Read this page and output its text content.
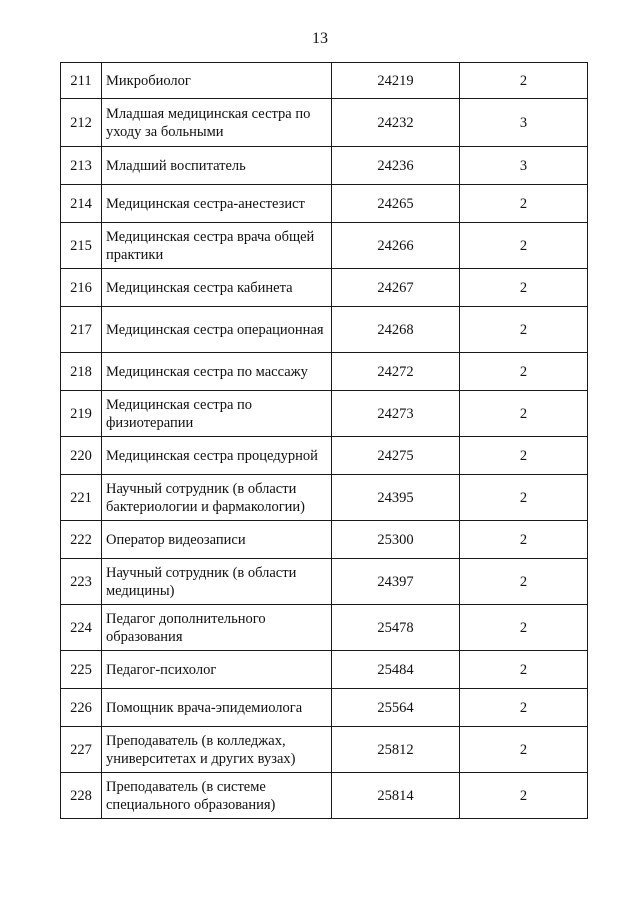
13
211	Микробиолог	24219	2
212	Младшая медицинская сестра по уходу за больными	24232	3
213	Младший воспитатель	24236	3
214	Медицинская сестра-анестезист	24265	2
215	Медицинская сестра врача общей практики	24266	2
216	Медицинская сестра кабинета	24267	2
217	Медицинская сестра операционная	24268	2
218	Медицинская сестра по массажу	24272	2
219	Медицинская сестра по физиотерапии	24273	2
220	Медицинская сестра процедурной	24275	2
221	Научный сотрудник (в области бактериологии и фармакологии)	24395	2
222	Оператор видеозаписи	25300	2
223	Научный сотрудник (в области медицины)	24397	2
224	Педагог дополнительного образования	25478	2
225	Педагог-психолог	25484	2
226	Помощник врача-эпидемиолога	25564	2
227	Преподаватель (в колледжах, университетах и других вузах)	25812	2
228	Преподаватель (в системе специального образования)	25814	2
